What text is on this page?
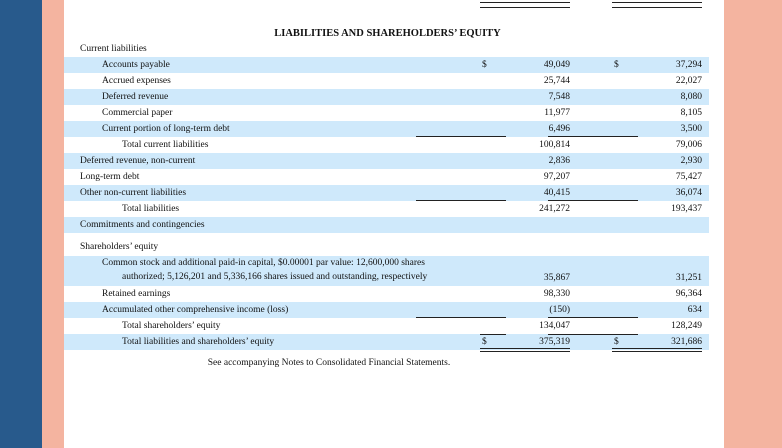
LIABILITIES AND SHAREHOLDERS’ EQUITY
Current liabilities
Accounts payable	$	49,049	$	37,294
Accrued expenses	25,744	22,027
Deferred revenue	7,548	8,080
Commercial paper	11,977	8,105
Current portion of long-term debt	6,496	3,500
Total current liabilities	100,814	79,006
Deferred revenue, non-current	2,836	2,930
Long-term debt	97,207	75,427
Other non-current liabilities	40,415	36,074
Total liabilities	241,272	193,437
Commitments and contingencies
Shareholders’ equity
Common stock and additional paid-in capital, $0.00001 par value: 12,600,000 shares
authorized; 5,126,201 and 5,336,166 shares issued and outstanding, respectively	35,867	31,251
Retained earnings	98,330	96,364
Accumulated other comprehensive income (loss)	(150)	634
Total shareholders’ equity	134,047	128,249
Total liabilities and shareholders’ equity	$	375,319	$	321,686
See accompanying Notes to Consolidated Financial Statements.
